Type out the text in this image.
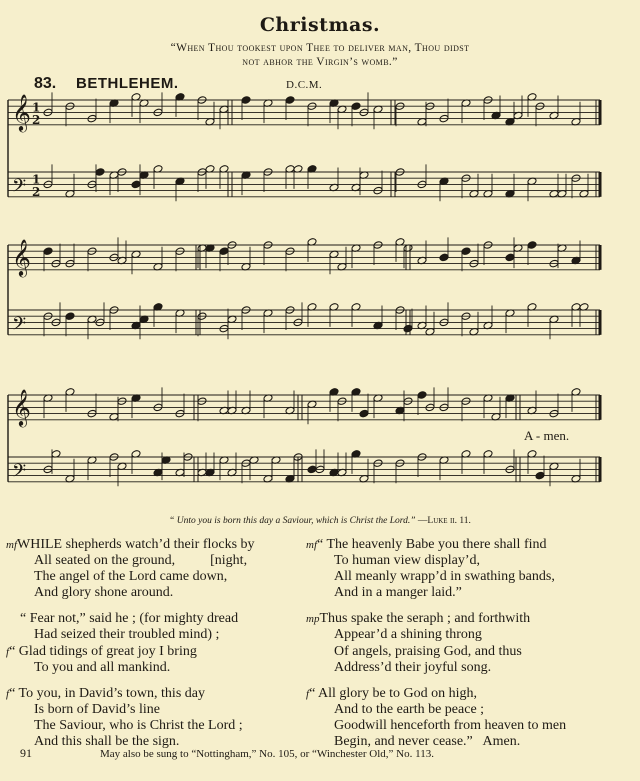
Christmas.
“When Thou tookest upon Thee to deliver man, Thou didst
not abhor the Virgin’s womb.”
83. BETHLEHEM.	D.C.M.
𝄞
𝄢
𝄞
𝄢
𝄞
𝄢
1
2
1
2
A - men.
“ Unto you is born this day a Saviour, which is Christ the Lord.” —Luke ii. 11.
mfWHILE shepherds watch’d their flocks by
All seated on the ground,          [night,
The angel of the Lord came down,
And glory shone around.
“ Fear not,” said he ; (for mighty dread
Had seized their troubled mind) ;
f“ Glad tidings of great joy I bring
To you and all mankind.
f“ To you, in David’s town, this day
Is born of David’s line
The Saviour, who is Christ the Lord ;
And this shall be the sign.
mf“ The heavenly Babe you there shall find
To human view display’d,
All meanly wrapp’d in swathing bands,
And in a manger laid.”
mpThus spake the seraph ; and forthwith
Appear’d a shining throng
Of angels, praising God, and thus
Address’d their joyful song.
f“ All glory be to God on high,
And to the earth be peace ;
Goodwill henceforth from heaven to men
Begin, and never cease.”   Amen.
91	May also be sung to “Nottingham,” No. 105, or “Winchester Old,” No. 113.
